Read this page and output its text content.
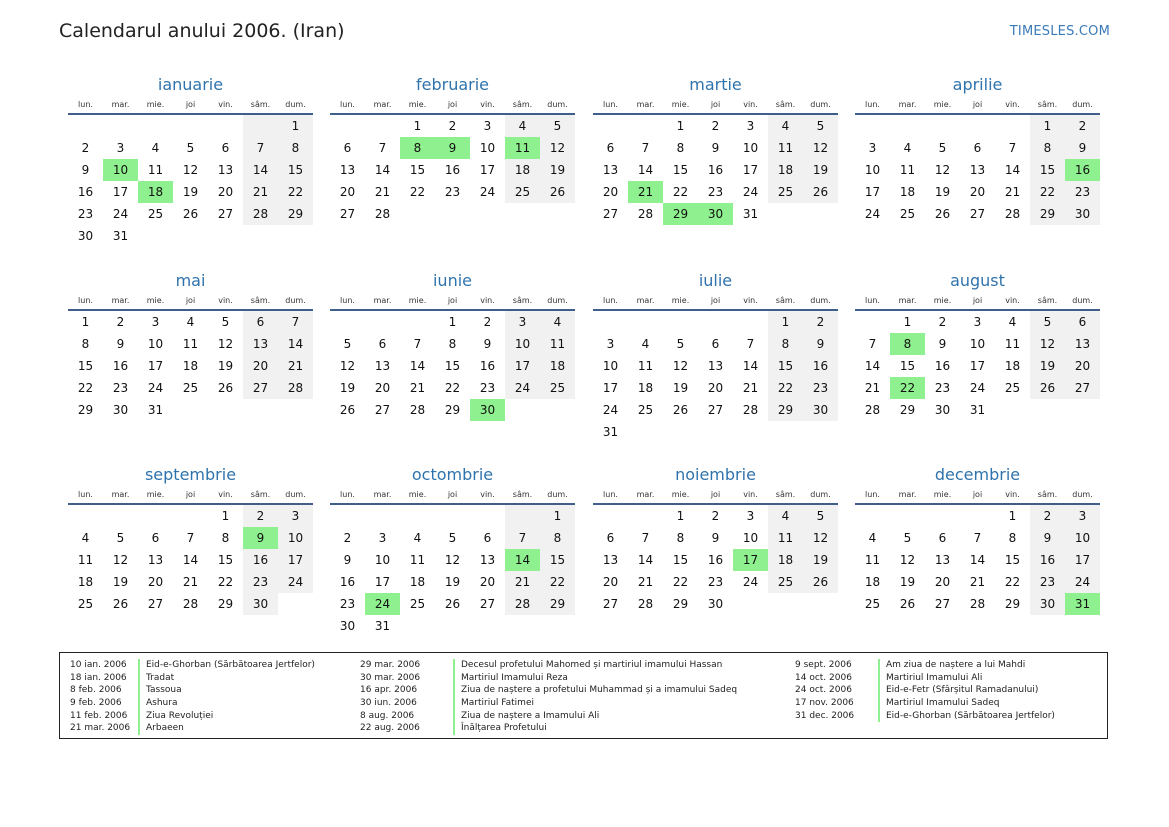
Calendarul anului 2006. (Iran)	TIMESLES.COM
ianuarie
lun.	mar.	mie.	joi	vin.	sâm.	dum.
						1
2	3	4	5	6	7	8
9	10	11	12	13	14	15
16	17	18	19	20	21	22
23	24	25	26	27	28	29
30	31					
februarie
lun.	mar.	mie.	joi	vin.	sâm.	dum.
		1	2	3	4	5
6	7	8	9	10	11	12
13	14	15	16	17	18	19
20	21	22	23	24	25	26
27	28					
martie
lun.	mar.	mie.	joi	vin.	sâm.	dum.
		1	2	3	4	5
6	7	8	9	10	11	12
13	14	15	16	17	18	19
20	21	22	23	24	25	26
27	28	29	30	31		
aprilie
lun.	mar.	mie.	joi	vin.	sâm.	dum.
					1	2
3	4	5	6	7	8	9
10	11	12	13	14	15	16
17	18	19	20	21	22	23
24	25	26	27	28	29	30
mai
lun.	mar.	mie.	joi	vin.	sâm.	dum.
1	2	3	4	5	6	7
8	9	10	11	12	13	14
15	16	17	18	19	20	21
22	23	24	25	26	27	28
29	30	31				
iunie
lun.	mar.	mie.	joi	vin.	sâm.	dum.
			1	2	3	4
5	6	7	8	9	10	11
12	13	14	15	16	17	18
19	20	21	22	23	24	25
26	27	28	29	30		
iulie
lun.	mar.	mie.	joi	vin.	sâm.	dum.
					1	2
3	4	5	6	7	8	9
10	11	12	13	14	15	16
17	18	19	20	21	22	23
24	25	26	27	28	29	30
31						
august
lun.	mar.	mie.	joi	vin.	sâm.	dum.
	1	2	3	4	5	6
7	8	9	10	11	12	13
14	15	16	17	18	19	20
21	22	23	24	25	26	27
28	29	30	31			
septembrie
lun.	mar.	mie.	joi	vin.	sâm.	dum.
				1	2	3
4	5	6	7	8	9	10
11	12	13	14	15	16	17
18	19	20	21	22	23	24
25	26	27	28	29	30	
octombrie
lun.	mar.	mie.	joi	vin.	sâm.	dum.
						1
2	3	4	5	6	7	8
9	10	11	12	13	14	15
16	17	18	19	20	21	22
23	24	25	26	27	28	29
30	31					
noiembrie
lun.	mar.	mie.	joi	vin.	sâm.	dum.
		1	2	3	4	5
6	7	8	9	10	11	12
13	14	15	16	17	18	19
20	21	22	23	24	25	26
27	28	29	30			
decembrie
lun.	mar.	mie.	joi	vin.	sâm.	dum.
				1	2	3
4	5	6	7	8	9	10
11	12	13	14	15	16	17
18	19	20	21	22	23	24
25	26	27	28	29	30	31
10 ian. 2006	Eid-e-Ghorban (Sărbătoarea Jertfelor)
18 ian. 2006	Tradat
8 feb. 2006	Tassoua
9 feb. 2006	Ashura
11 feb. 2006	Ziua Revoluției
21 mar. 2006	Arbaeen
29 mar. 2006	Decesul profetului Mahomed și martiriul imamului Hassan
30 mar. 2006	Martiriul Imamului Reza
16 apr. 2006	Ziua de naștere a profetului Muhammad și a imamului Sadeq
30 iun. 2006	Martiriul Fatimei
8 aug. 2006	Ziua de naștere a Imamului Ali
22 aug. 2006	Înălțarea Profetului
9 sept. 2006	Am ziua de naștere a lui Mahdi
14 oct. 2006	Martiriul Imamului Ali
24 oct. 2006	Eid-e-Fetr (Sfârșitul Ramadanului)
17 nov. 2006	Martiriul Imamului Sadeq
31 dec. 2006	Eid-e-Ghorban (Sărbătoarea Jertfelor)
